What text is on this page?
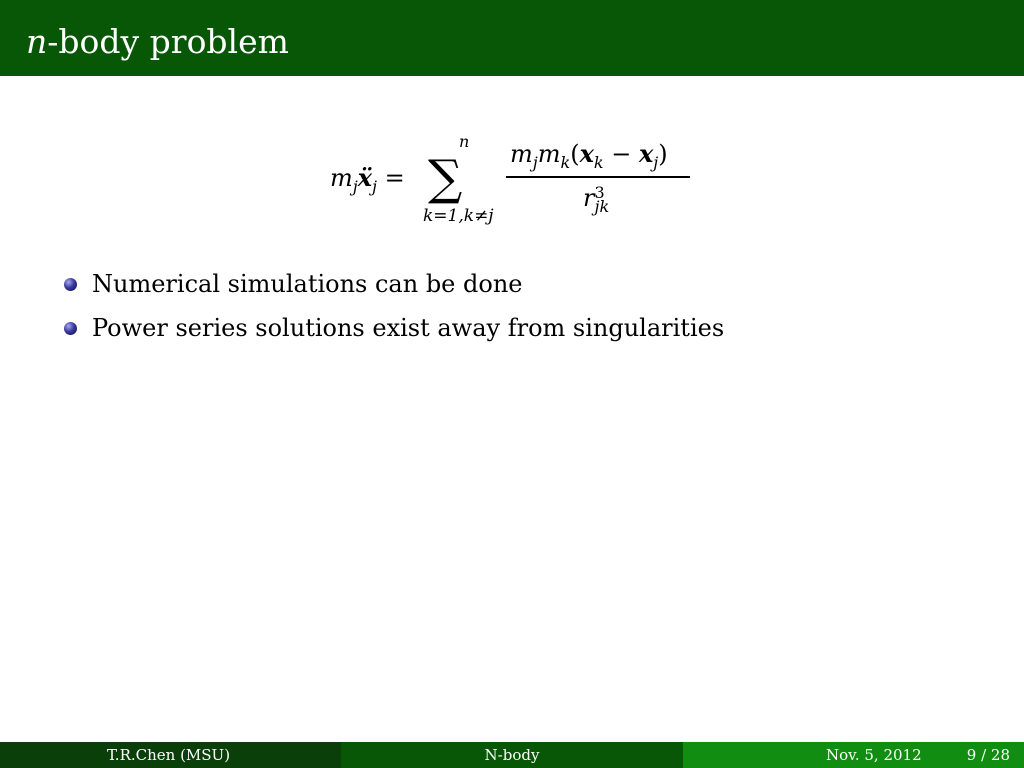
n-body problem
$m_jẍ_j$ =
n
∑
k=1,k≠j
$m_jm_k(x_k - x_j)$
r 3
jk
Numerical simulations can be done
Power series solutions exist away from singularities
T.R.Chen (MSU)	N-body	Nov. 5, 2012	9 / 28
